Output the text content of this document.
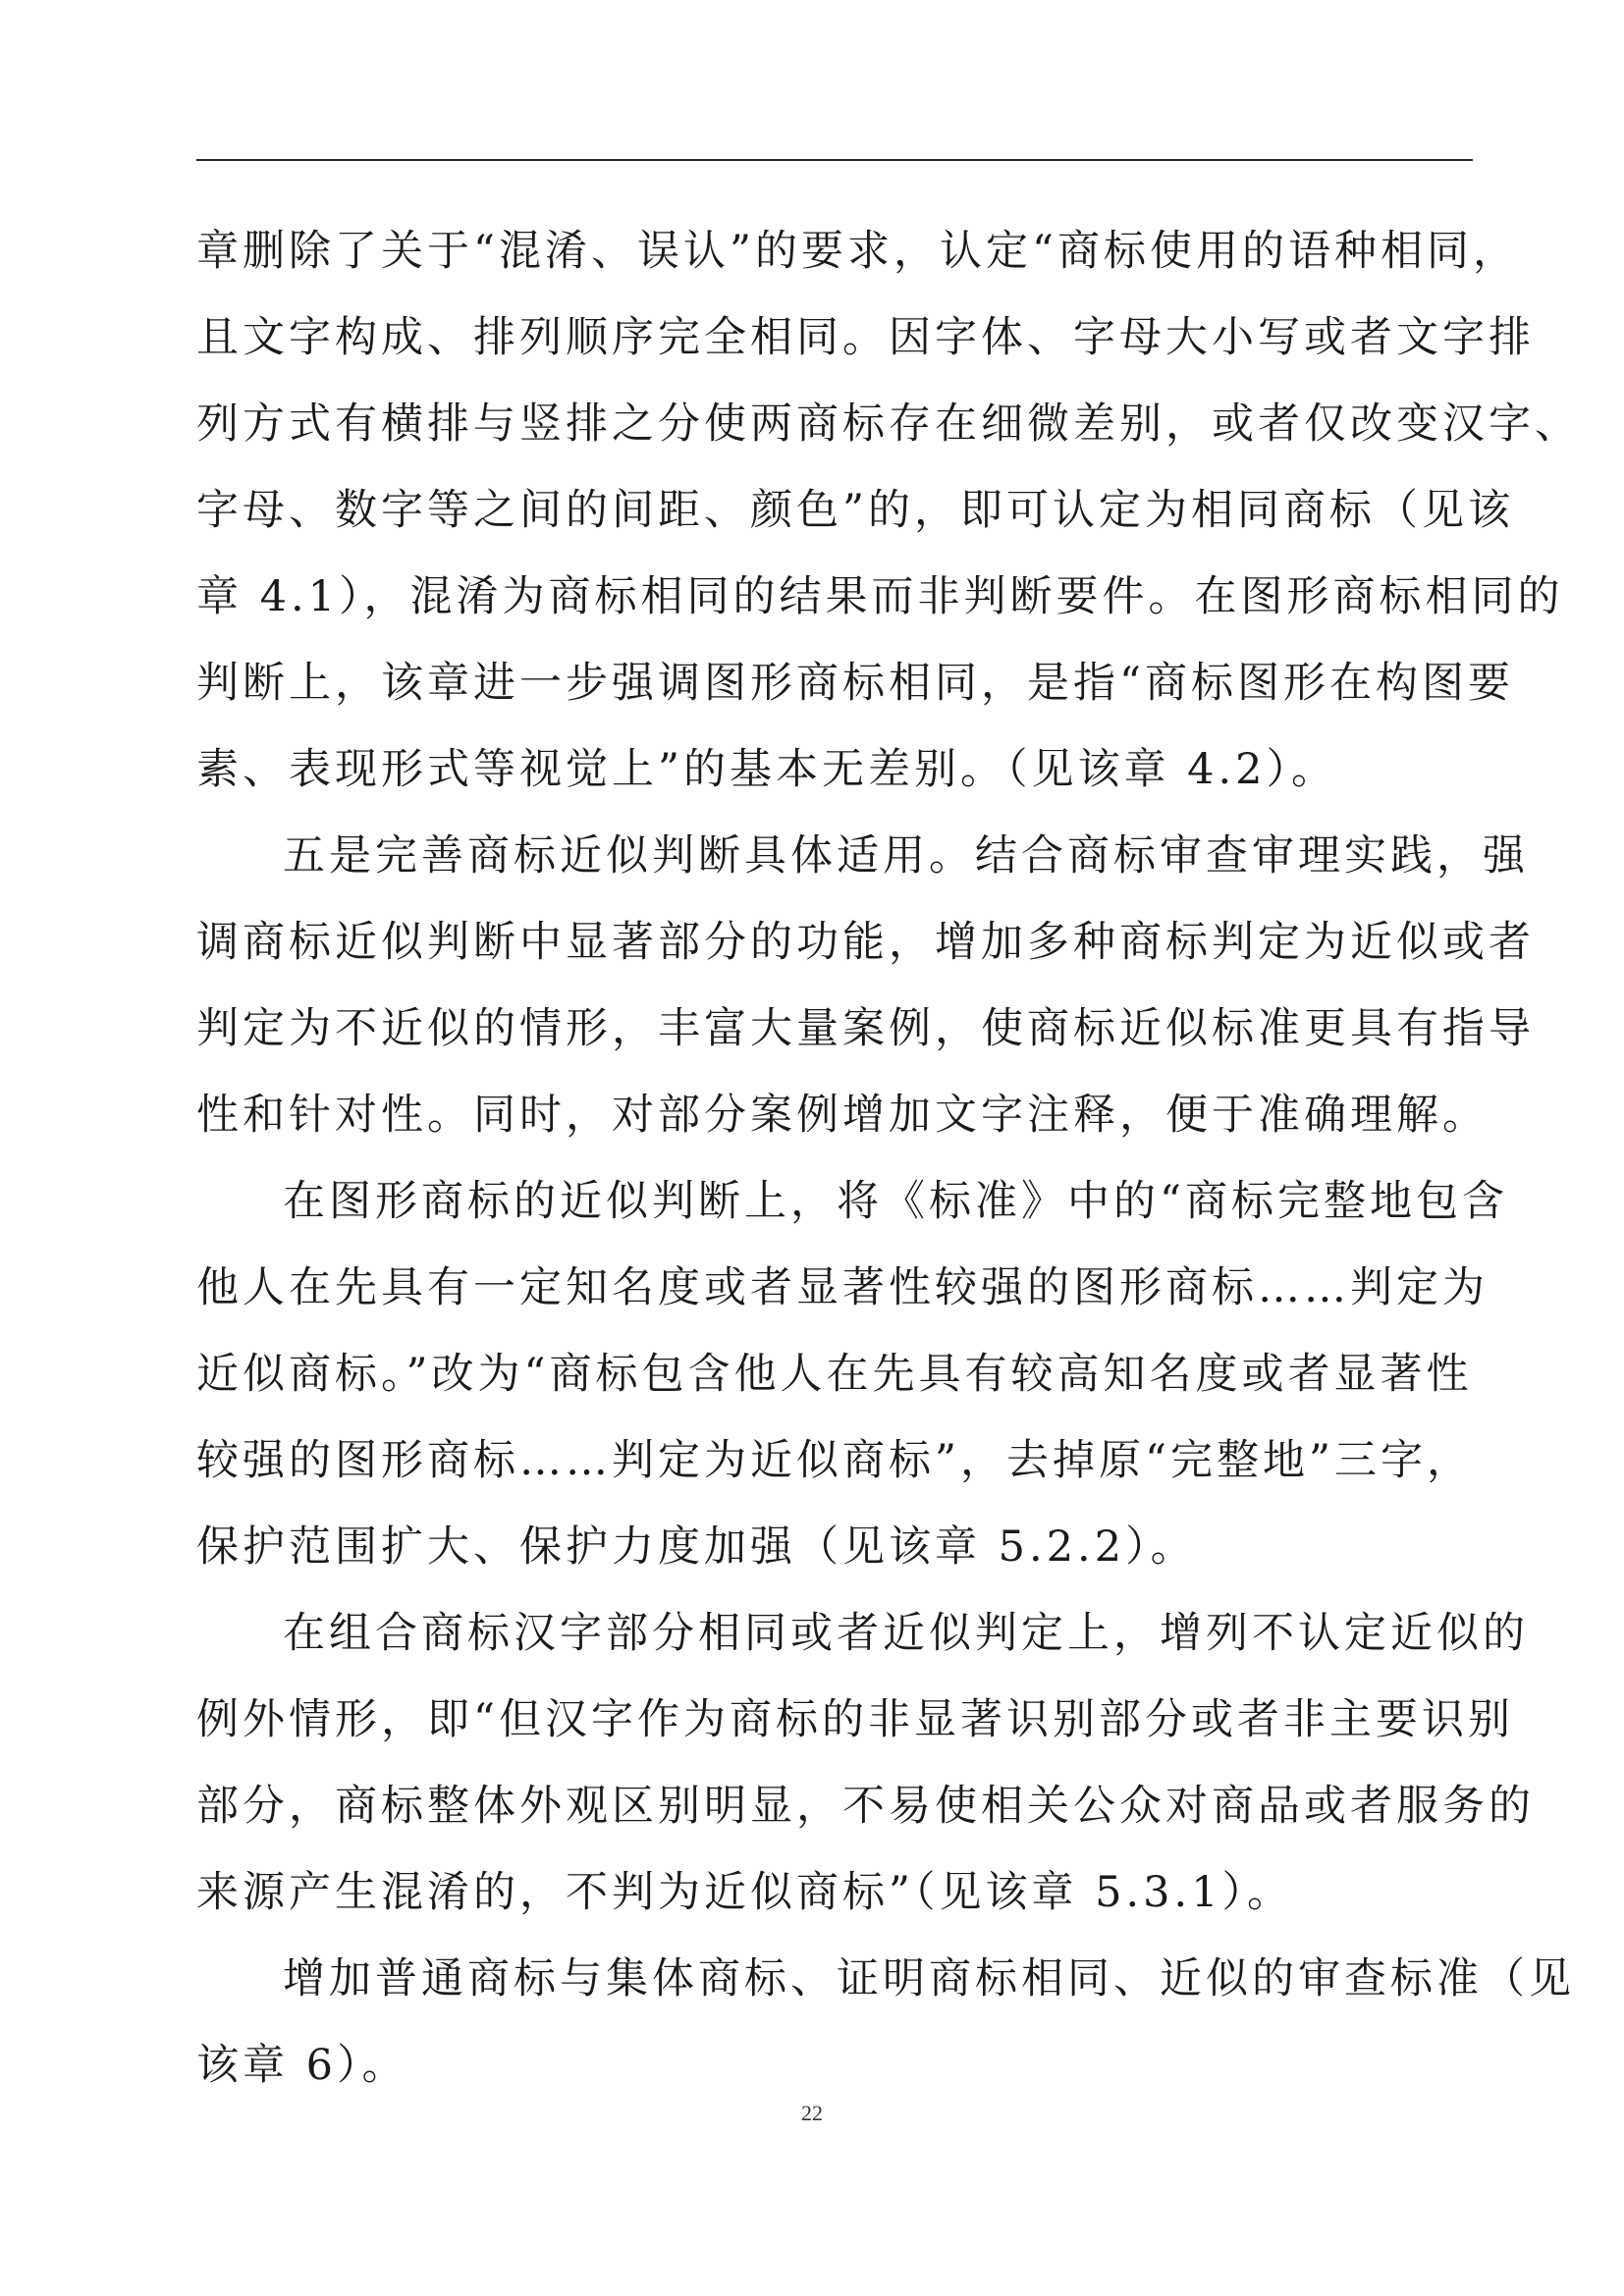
章删除了关于“混淆、误认”的要求，认定“商标使用的语种相同，
且文字构成、排列顺序完全相同。因字体、字母大小写或者文字排
列方式有横排与竖排之分使两商标存在细微差别，或者仅改变汉字、
字母、数字等之间的间距、颜色”的，即可认定为相同商标（见该
章 4.1），混淆为商标相同的结果而非判断要件。在图形商标相同的
判断上，该章进一步强调图形商标相同，是指“商标图形在构图要
素、表现形式等视觉上”的基本无差别。（见该章 4.2）。
五是完善商标近似判断具体适用。结合商标审查审理实践，强
调商标近似判断中显著部分的功能，增加多种商标判定为近似或者
判定为不近似的情形，丰富大量案例，使商标近似标准更具有指导
性和针对性。同时，对部分案例增加文字注释，便于准确理解。
在图形商标的近似判断上，将《标准》中的“商标完整地包含
他人在先具有一定知名度或者显著性较强的图形商标……判定为
近似商标。”改为“商标包含他人在先具有较高知名度或者显著性
较强的图形商标……判定为近似商标”，去掉原“完整地”三字，
保护范围扩大、保护力度加强（见该章 5.2.2）。
在组合商标汉字部分相同或者近似判定上，增列不认定近似的
例外情形，即“但汉字作为商标的非显著识别部分或者非主要识别
部分，商标整体外观区别明显，不易使相关公众对商品或者服务的
来源产生混淆的，不判为近似商标”（见该章 5.3.1）。
增加普通商标与集体商标、证明商标相同、近似的审查标准（见
该章 6）。
22
